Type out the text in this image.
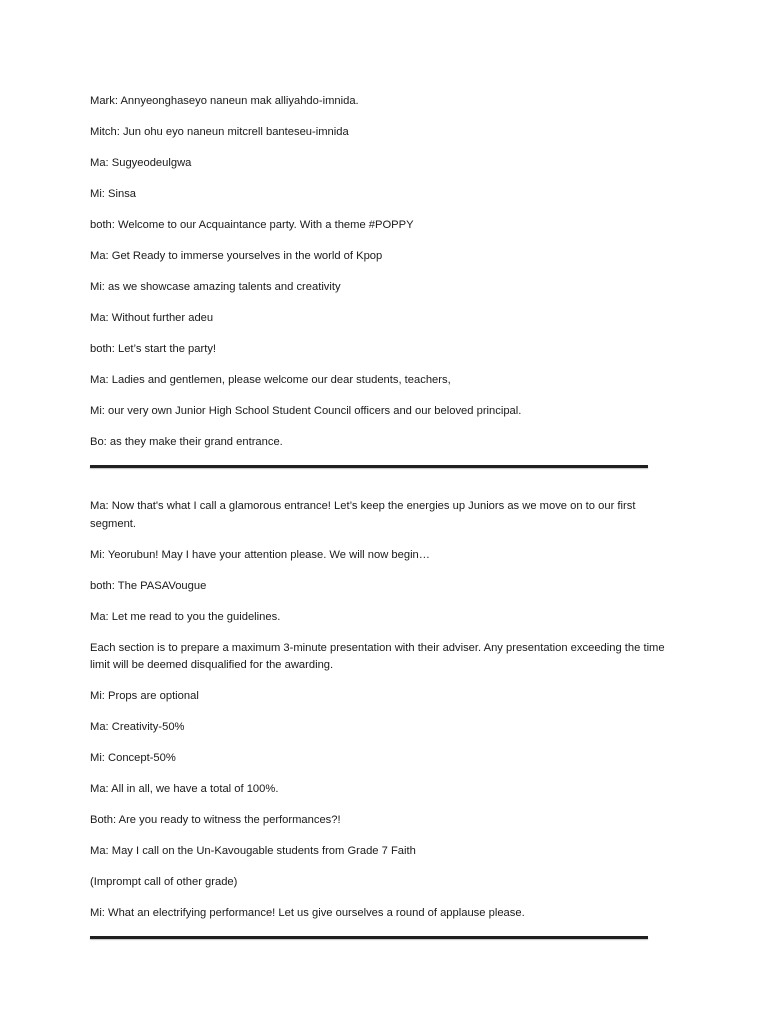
Mark: Annyeonghaseyo naneun mak alliyahdo-imnida.

Mitch: Jun ohu eyo naneun mitcrell banteseu-imnida

Ma: Sugyeodeulgwa

Mi: Sinsa

both: Welcome to our Acquaintance party. With a theme #POPPY

Ma: Get Ready to immerse yourselves in the world of Kpop

Mi: as we showcase amazing talents and creativity

Ma: Without further adeu

both: Let’s start the party!

Ma: Ladies and gentlemen, please welcome our dear students, teachers,

Mi: our very own Junior High School Student Council officers and our beloved principal.

Bo: as they make their grand entrance.

Ma: Now that's what I call a glamorous entrance! Let’s keep the energies up Juniors as we move on to our first segment.

Mi: Yeorubun! May I have your attention please. We will now begin…

both: The PASAVougue

Ma: Let me read to you the guidelines.

Each section is to prepare a maximum 3-minute presentation with their adviser. Any presentation exceeding the time limit will be deemed disqualified for the awarding.

Mi: Props are optional

Ma: Creativity-50%

Mi: Concept-50%

Ma: All in all, we have a total of 100%.

Both: Are you ready to witness the performances?!

Ma: May I call on the Un-Kavougable students from Grade 7 Faith

(Imprompt call of other grade)

Mi: What an electrifying performance! Let us give ourselves a round of applause please.
